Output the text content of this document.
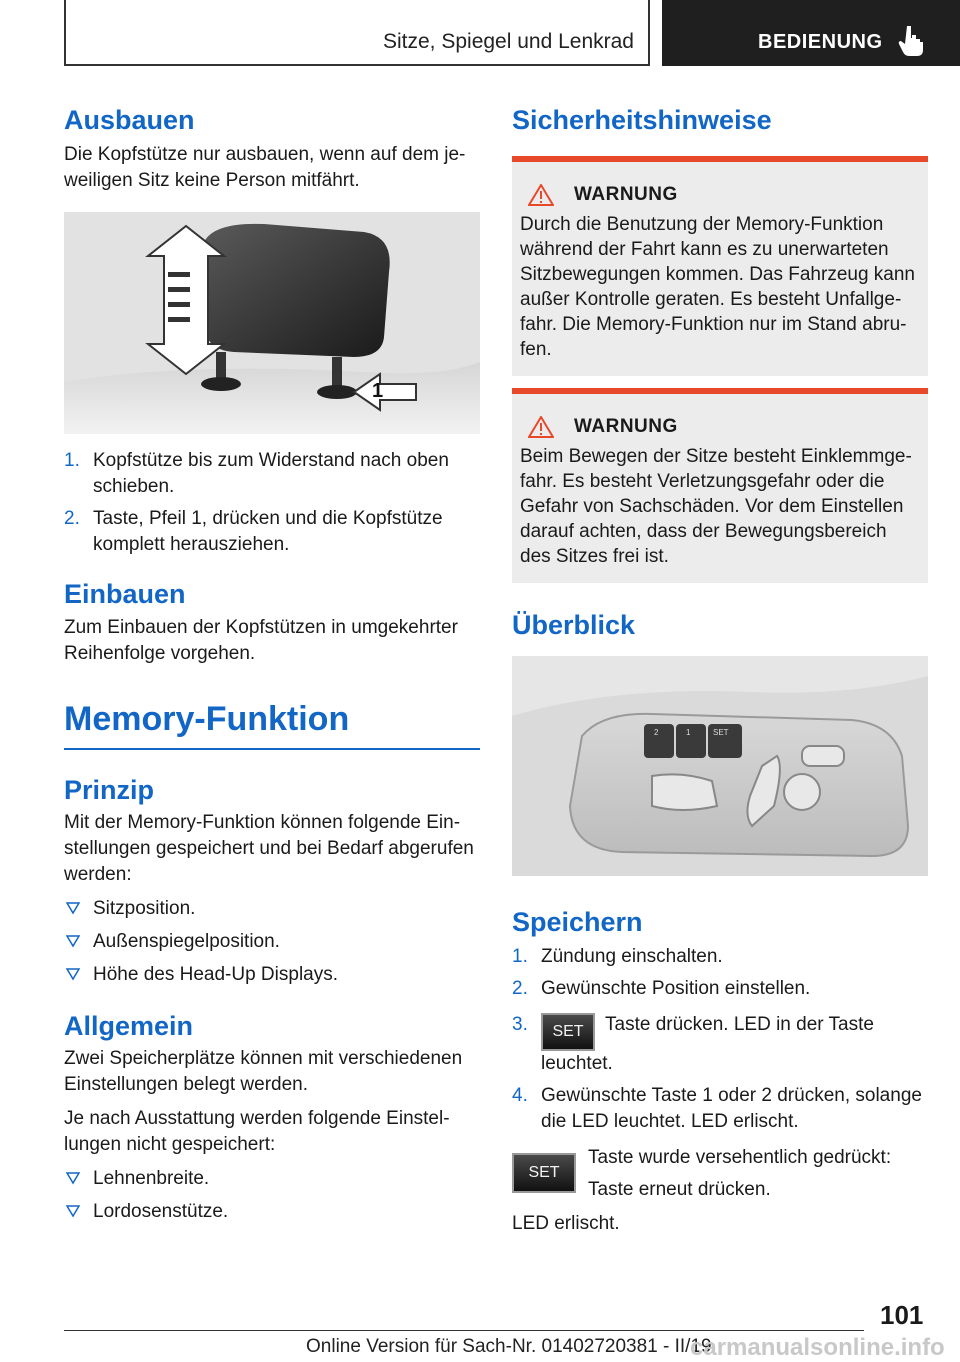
Sitze, Spiegel und Lenkrad	BEDIENUNG
Ausbauen

Die Kopfstütze nur ausbauen, wenn auf dem jeweiligen Sitz keine Person mitfährt.

1
1. Kopfstütze bis zum Widerstand nach oben schieben.
2. Taste, Pfeil 1, drücken und die Kopfstütze komplett herausziehen.
Einbauen

Zum Einbauen der Kopfstützen in umgekehrter Reihenfolge vorgehen.

Memory-Funktion
Prinzip

Mit der Memory-Funktion können folgende Einstellungen gespeichert und bei Bedarf abgerufen werden:

Sitzposition.
Außenspiegelposition.
Höhe des Head-Up Displays.
Allgemein

Zwei Speicherplätze können mit verschiedenen Einstellungen belegt werden.

Je nach Ausstattung werden folgende Einstellungen nicht gespeichert:

Lehnenbreite.
Lordosenstütze.
Sicherheitshinweise
WARNUNG

Durch die Benutzung der Memory-Funktion während der Fahrt kann es zu unerwarteten Sitzbewegungen kommen. Das Fahrzeug kann außer Kontrolle geraten. Es besteht Unfallgefahr. Die Memory-Funktion nur im Stand abrufen.

WARNUNG

Beim Bewegen der Sitze besteht Einklemmgefahr. Es besteht Verletzungsgefahr oder die Gefahr von Sachschäden. Vor dem Einstellen darauf achten, dass der Bewegungsbereich des Sitzes frei ist.

Überblick
2	1	SET
Speichern
1. Zündung einschalten.
2. Gewünschte Position einstellen.
3. SET Taste drücken. LED in der Taste leuchtet.
4. Gewünschte Taste 1 oder 2 drücken, solange die LED leuchtet. LED erlischt.
SET

Taste wurde versehentlich gedrückt:

Taste erneut drücken.

LED erlischt.

101
Online Version für Sach-Nr. 01402720381 - II/19
carmanualsonline.info
